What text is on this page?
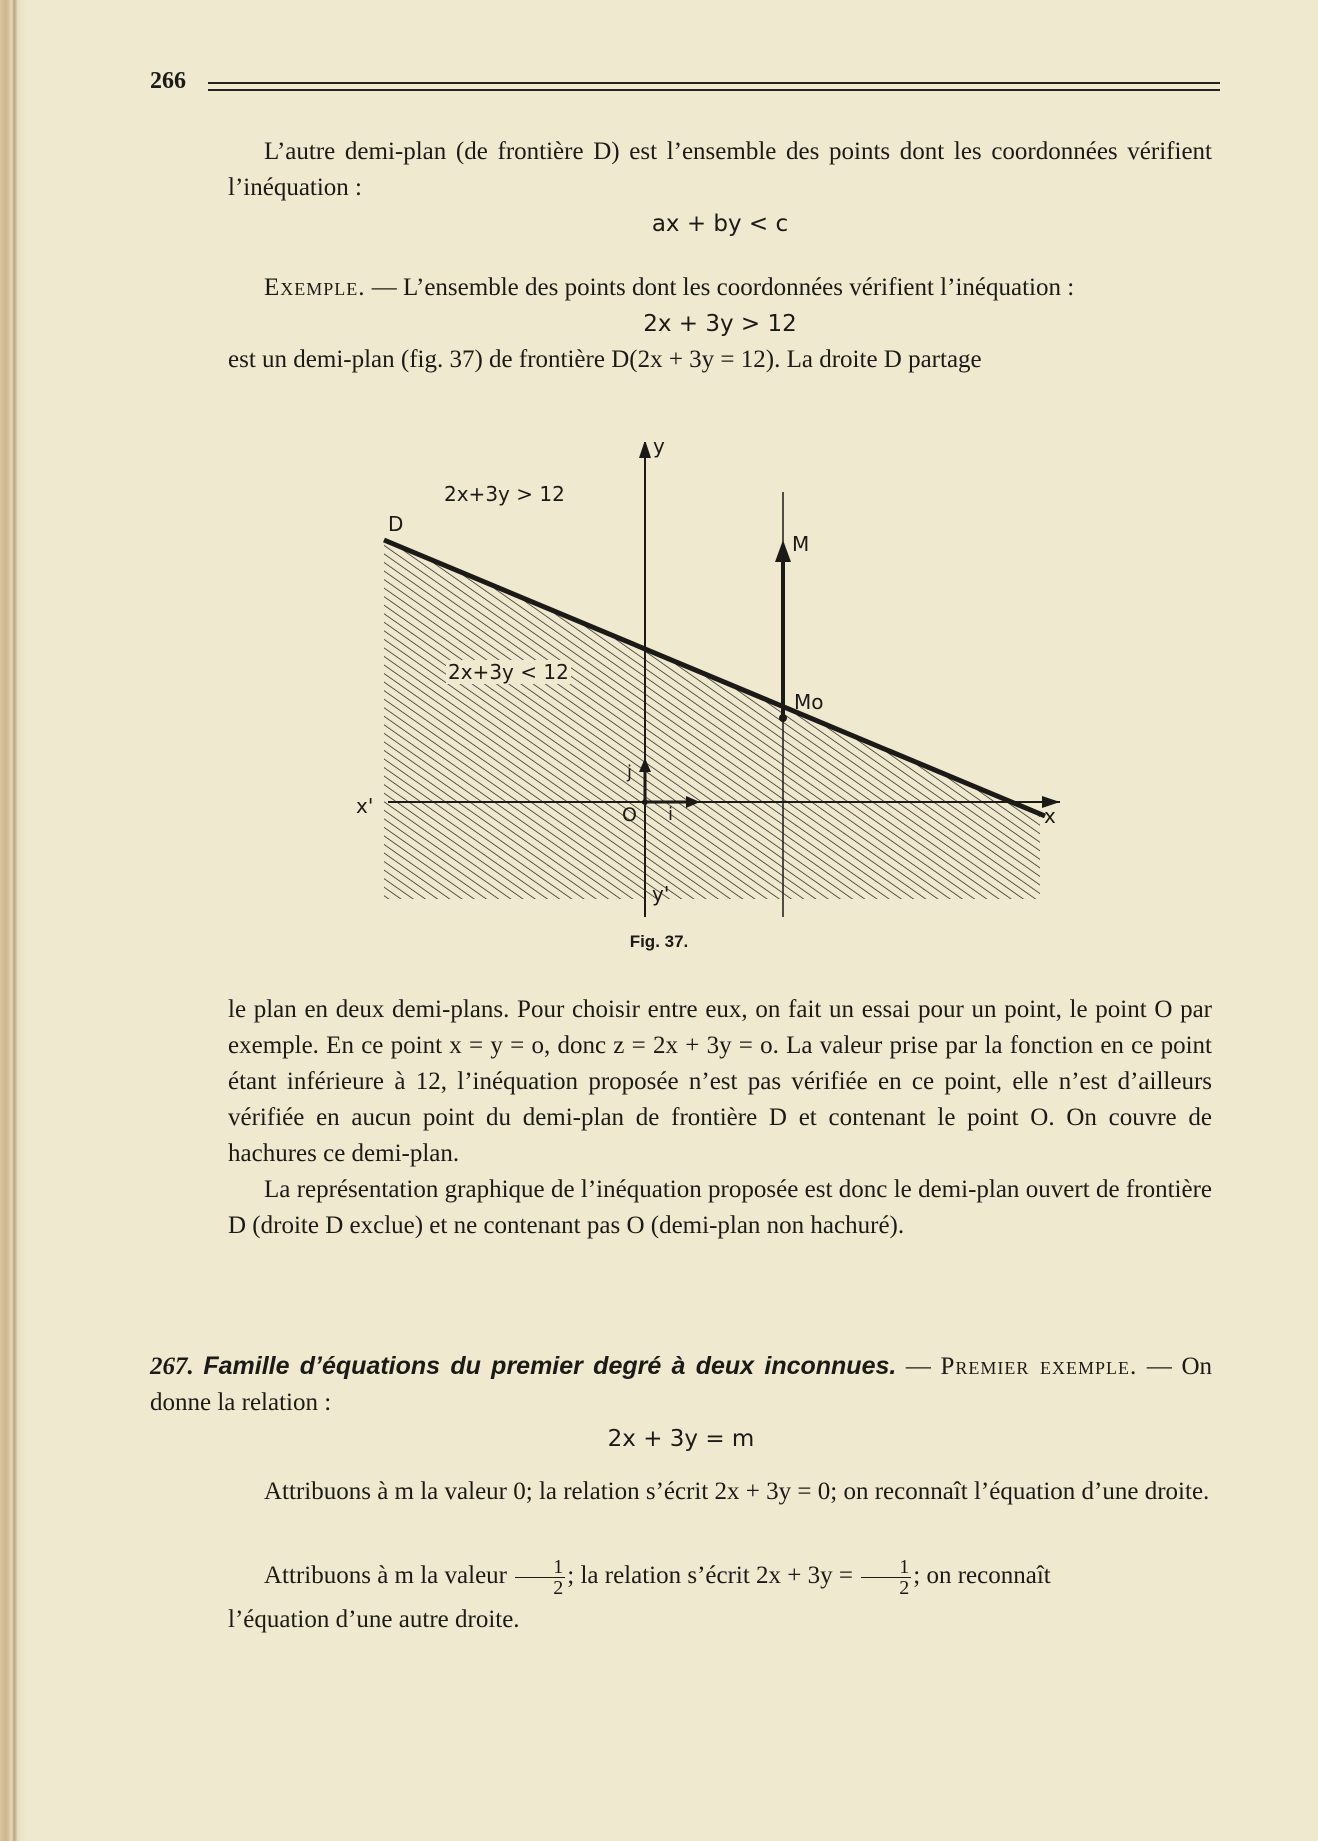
266

L’autre demi-plan (de frontière D) est l’ensemble des points dont les coordonnées vérifient l’inéquation :

ax + by < c

Exemple. — L’ensemble des points dont les coordonnées vérifient l’inéquation :

2x + 3y > 12

est un demi-plan (fig. 37) de frontière D(2x + 3y = 12). La droite D partage

y
y'
x
x'	O i
j
D
M
Mo
2x+3y > 12
2x+3y < 12
Fig. 37.

le plan en deux demi-plans. Pour choisir entre eux, on fait un essai pour un point, le point O par exemple. En ce point x = y = o, donc z = 2x + 3y = o. La valeur prise par la fonction en ce point étant inférieure à 12, l’inéquation proposée n’est pas vérifiée en ce point, elle n’est d’ailleurs vérifiée en aucun point du demi-plan de frontière D et contenant le point O. On couvre de hachures ce demi-plan.

La représentation graphique de l’inéquation proposée est donc le demi-plan ouvert de frontière D (droite D exclue) et ne contenant pas O (demi-plan non hachuré).

267. Famille d’équations du premier degré à deux inconnues. — Premier exemple. — On donne la relation :

2x + 3y = m

Attribuons à m la valeur 0; la relation s’écrit 2x + 3y = 0; on reconnaît l’équation d’une droite.

Attribuons à m la valeur $\frac{1}{2}$ ; la relation s’écrit $2x + 3y = \frac{1}{2}$ ; on reconnaît

l’équation d’une autre droite.
